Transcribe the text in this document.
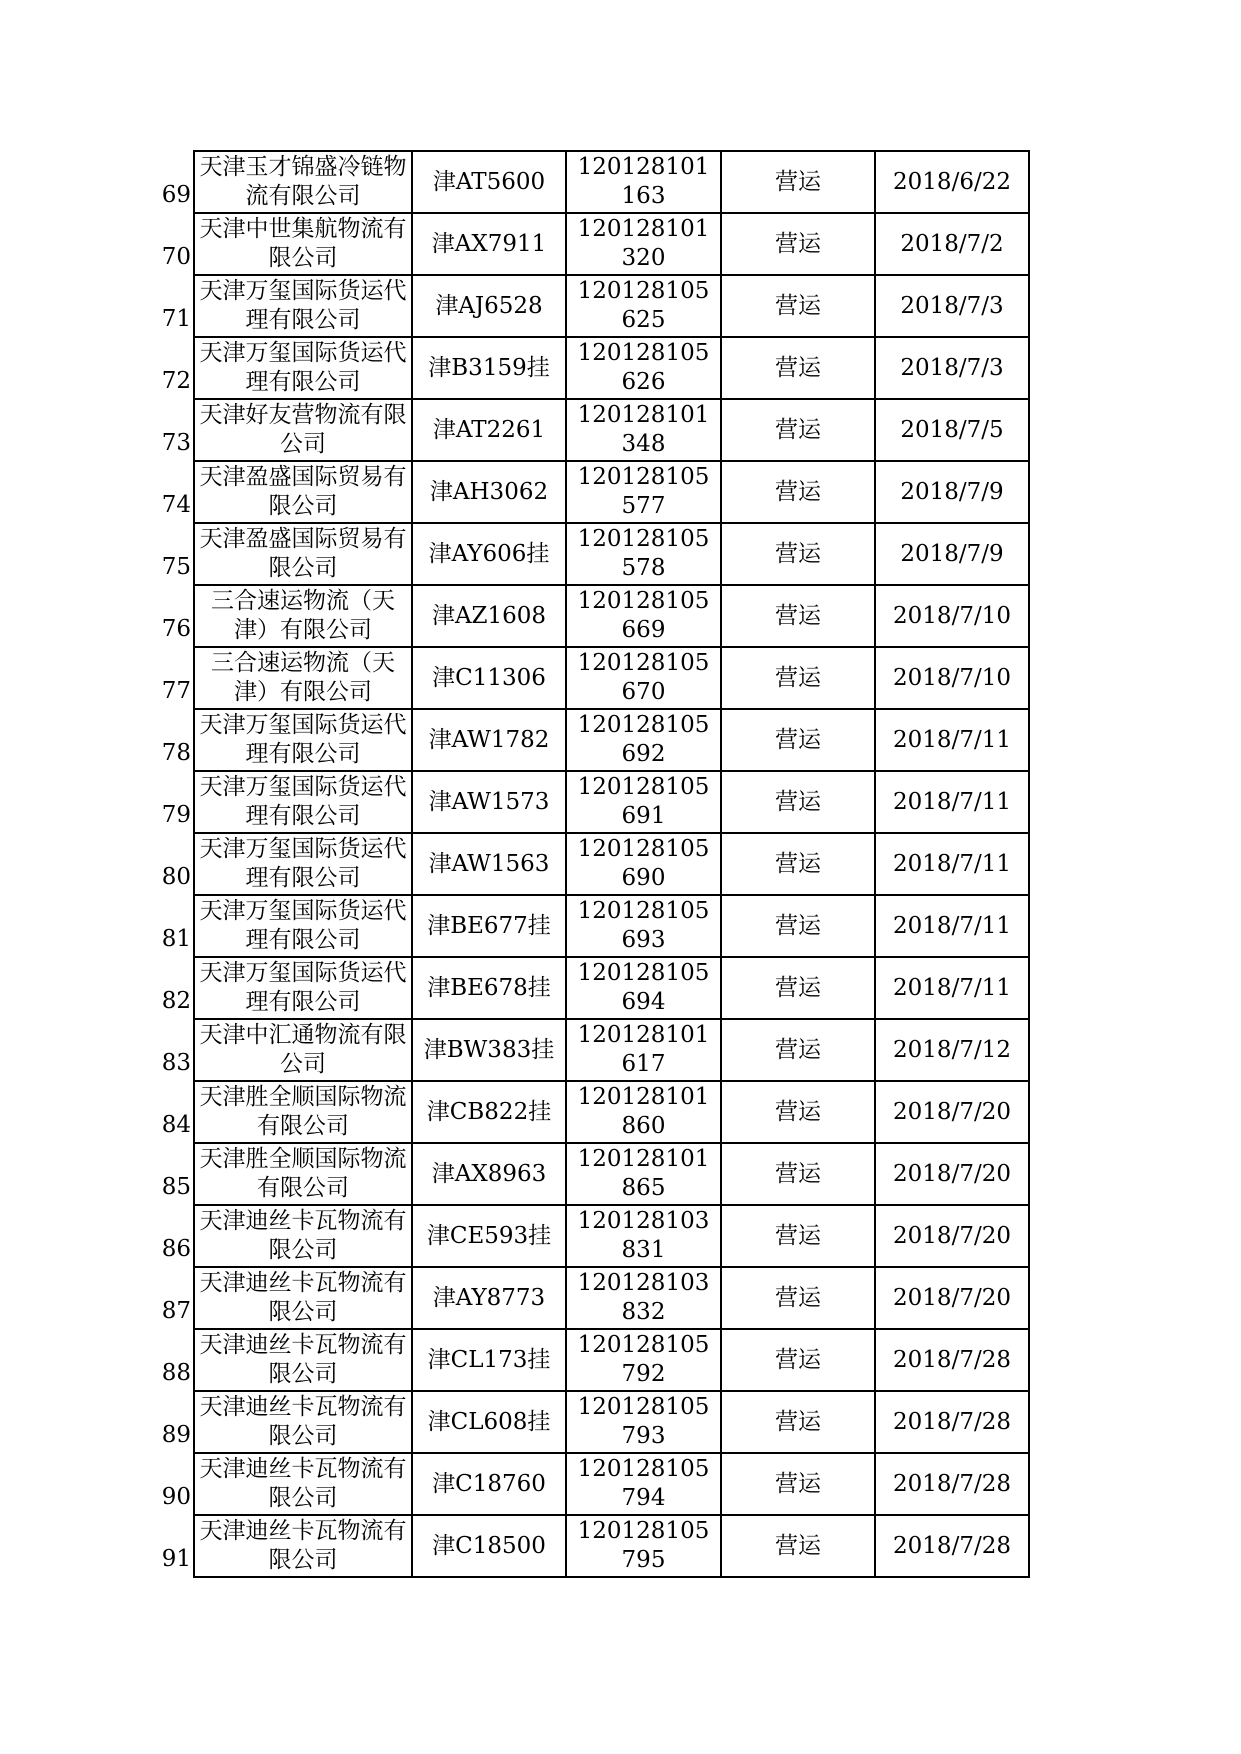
69	天津玉才锦盛冷链物流有限公司	津AT5600	120128101163	营运	2018/6/22
70	天津中世集航物流有限公司	津AX7911	120128101320	营运	2018/7/2
71	天津万玺国际货运代理有限公司	津AJ6528	120128105625	营运	2018/7/3
72	天津万玺国际货运代理有限公司	津B3159挂	120128105626	营运	2018/7/3
73	天津好友营物流有限公司	津AT2261	120128101348	营运	2018/7/5
74	天津盈盛国际贸易有限公司	津AH3062	120128105577	营运	2018/7/9
75	天津盈盛国际贸易有限公司	津AY606挂	120128105578	营运	2018/7/9
76	三合速运物流（天津）有限公司	津AZ1608	120128105669	营运	2018/7/10
77	三合速运物流（天津）有限公司	津C11306	120128105670	营运	2018/7/10
78	天津万玺国际货运代理有限公司	津AW1782	120128105692	营运	2018/7/11
79	天津万玺国际货运代理有限公司	津AW1573	120128105691	营运	2018/7/11
80	天津万玺国际货运代理有限公司	津AW1563	120128105690	营运	2018/7/11
81	天津万玺国际货运代理有限公司	津BE677挂	120128105693	营运	2018/7/11
82	天津万玺国际货运代理有限公司	津BE678挂	120128105694	营运	2018/7/11
83	天津中汇通物流有限公司	津BW383挂	120128101617	营运	2018/7/12
84	天津胜全顺国际物流有限公司	津CB822挂	120128101860	营运	2018/7/20
85	天津胜全顺国际物流有限公司	津AX8963	120128101865	营运	2018/7/20
86	天津迪丝卡瓦物流有限公司	津CE593挂	120128103831	营运	2018/7/20
87	天津迪丝卡瓦物流有限公司	津AY8773	120128103832	营运	2018/7/20
88	天津迪丝卡瓦物流有限公司	津CL173挂	120128105792	营运	2018/7/28
89	天津迪丝卡瓦物流有限公司	津CL608挂	120128105793	营运	2018/7/28
90	天津迪丝卡瓦物流有限公司	津C18760	120128105794	营运	2018/7/28
91	天津迪丝卡瓦物流有限公司	津C18500	120128105795	营运	2018/7/28
